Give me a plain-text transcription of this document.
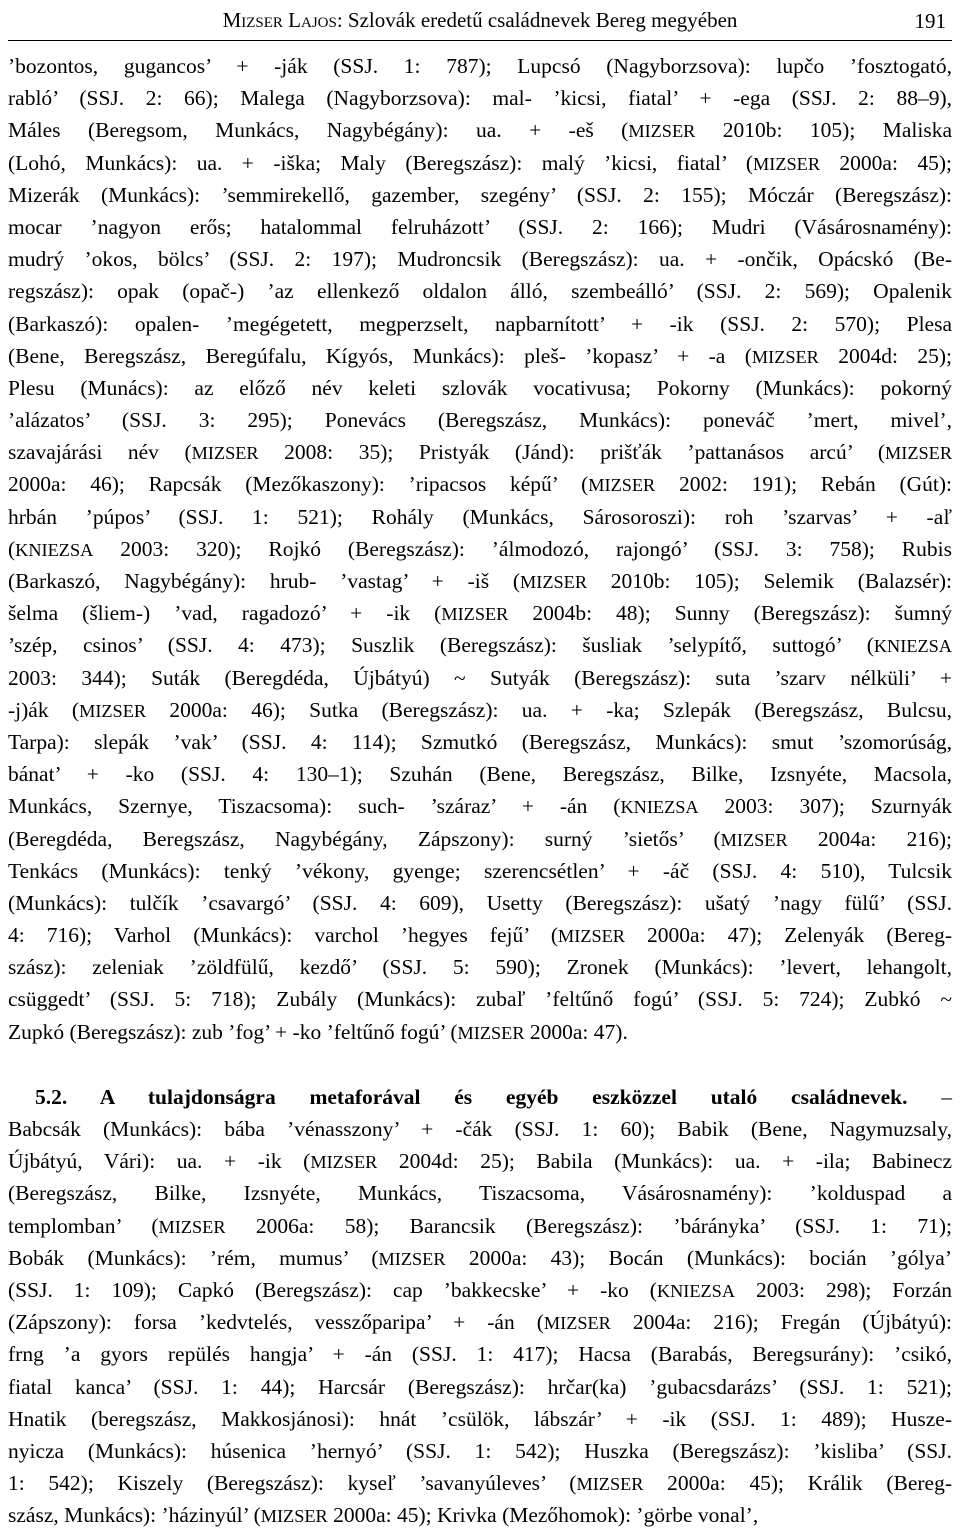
Mizser Lajos: Szlovák eredetű családnevek Bereg megyében	191
’bozontos, gugancos’ + -ják (SSJ. 1: 787); Lupcsó (Nagyborzsova): lupčo ’fosztogató,
rabló’ (SSJ. 2: 66); Malega (Nagyborzsova): mal- ’kicsi, fiatal’ + -ega (SSJ. 2: 88–9),
Máles (Beregsom, Munkács, Nagybégány): ua. + -eš (MIZSER 2010b: 105); Maliska
(Lohó, Munkács): ua. + -iška; Maly (Beregszász): malý ’kicsi, fiatal’ (MIZSER 2000a: 45);
Mizerák (Munkács): ’semmirekellő, gazember, szegény’ (SSJ. 2: 155); Móczár (Beregszász):
mocar ’nagyon erős; hatalommal felruházott’ (SSJ. 2: 166); Mudri (Vásárosnamény):
mudrý ’okos, bölcs’ (SSJ. 2: 197); Mudroncsik (Beregszász): ua. + -ončik, Opácskó (Be-
regszász): opak (opač-) ’az ellenkező oldalon álló, szembeálló’ (SSJ. 2: 569); Opalenik
(Barkaszó): opalen- ’megégetett, megperzselt, napbarnított’ + -ik (SSJ. 2: 570); Plesa
(Bene, Beregszász, Beregúfalu, Kígyós, Munkács): pleš- ’kopasz’ + -a (MIZSER 2004d: 25);
Plesu (Munács): az előző név keleti szlovák vocativusa; Pokorny (Munkács): pokorný
’alázatos’ (SSJ. 3: 295); Ponevács (Beregszász, Munkács): poneváč ’mert, mivel’,
szavajárási név (MIZSER 2008: 35); Pristyák (Jánd): prišťák ’pattanásos arcú’ (MIZSER
2000a: 46); Rapcsák (Mezőkaszony): ’ripacsos képű’ (MIZSER 2002: 191); Rebán (Gút):
hrbán ’púpos’ (SSJ. 1: 521); Rohály (Munkács, Sárosoroszi): roh ’szarvas’ + -aľ
(KNIEZSA 2003: 320); Rojkó (Beregszász): ’álmodozó, rajongó’ (SSJ. 3: 758); Rubis
(Barkaszó, Nagybégány): hrub- ’vastag’ + -iš (MIZSER 2010b: 105); Selemik (Balazsér):
šelma (šliem-) ’vad, ragadozó’ + -ik (MIZSER 2004b: 48); Sunny (Beregszász): šumný
’szép, csinos’ (SSJ. 4: 473); Suszlik (Beregszász): šusliak ’selypítő, suttogó’ (KNIEZSA
2003: 344); Suták (Beregdéda, Újbátyú) ~ Sutyák (Beregszász): suta ’szarv nélküli’ +
-j)ák (MIZSER 2000a: 46); Sutka (Beregszász): ua. + -ka; Szlepák (Beregszász, Bulcsu,
Tarpa): slepák ’vak’ (SSJ. 4: 114); Szmutkó (Beregszász, Munkács): smut ’szomorúság,
bánat’ + -ko (SSJ. 4: 130–1); Szuhán (Bene, Beregszász, Bilke, Izsnyéte, Macsola,
Munkács, Szernye, Tiszacsoma): such- ’száraz’ + -án (KNIEZSA 2003: 307); Szurnyák
(Beregdéda, Beregszász, Nagybégány, Zápszony): surný ’sietős’ (MIZSER 2004a: 216);
Tenkács (Munkács): tenký ’vékony, gyenge; szerencsétlen’ + -áč (SSJ. 4: 510), Tulcsik
(Munkács): tulčík ’csavargó’ (SSJ. 4: 609), Usetty (Beregszász): ušatý ’nagy fülű’ (SSJ.
4: 716); Varhol (Munkács): varchol ’hegyes fejű’ (MIZSER 2000a: 47); Zelenyák (Bereg-
szász): zeleniak ’zöldfülű, kezdő’ (SSJ. 5: 590); Zronek (Munkács): ’levert, lehangolt,
csüggedt’ (SSJ. 5: 718); Zubály (Munkács): zubaľ ’feltűnő fogú’ (SSJ. 5: 724); Zubkó ~
Zupkó (Beregszász): zub ’fog’ + -ko ’feltűnő fogú’ (MIZSER 2000a: 47).
5.2. A tulajdonságra metaforával és egyéb eszközzel utaló családnevek. –
Babcsák (Munkács): bába ’vénasszony’ + -čák (SSJ. 1: 60); Babik (Bene, Nagymuzsaly,
Újbátyú, Vári): ua. + -ik (MIZSER 2004d: 25); Babila (Munkács): ua. + -ila; Babinecz
(Beregszász, Bilke, Izsnyéte, Munkács, Tiszacsoma, Vásárosnamény): ’kolduspad a
templomban’ (MIZSER 2006a: 58); Barancsik (Beregszász): ’bárányka’ (SSJ. 1: 71);
Bobák (Munkács): ’rém, mumus’ (MIZSER 2000a: 43); Bocán (Munkács): bocián ’gólya’
(SSJ. 1: 109); Capkó (Beregszász): cap ’bakkecske’ + -ko (KNIEZSA 2003: 298); Forzán
(Zápszony): forsa ’kedvtelés, vesszőparipa’ + -án (MIZSER 2004a: 216); Fregán (Újbátyú):
frng ’a gyors repülés hangja’ + -án (SSJ. 1: 417); Hacsa (Barabás, Beregsurány): ’csikó,
fiatal kanca’ (SSJ. 1: 44); Harcsár (Beregszász): hrčar(ka) ’gubacsdarázs’ (SSJ. 1: 521);
Hnatik (beregszász, Makkosjánosi): hnát ’csülök, lábszár’ + -ik (SSJ. 1: 489); Husze-
nyicza (Munkács): húsenica ’hernyó’ (SSJ. 1: 542); Huszka (Beregszász): ’kisliba’ (SSJ.
1: 542); Kiszely (Beregszász): kyseľ ’savanyúleves’ (MIZSER 2000a: 45); Králik (Bereg-
szász, Munkács): ’házinyúl’ (MIZSER 2000a: 45); Krivka (Mezőhomok): ’görbe vonal’,
